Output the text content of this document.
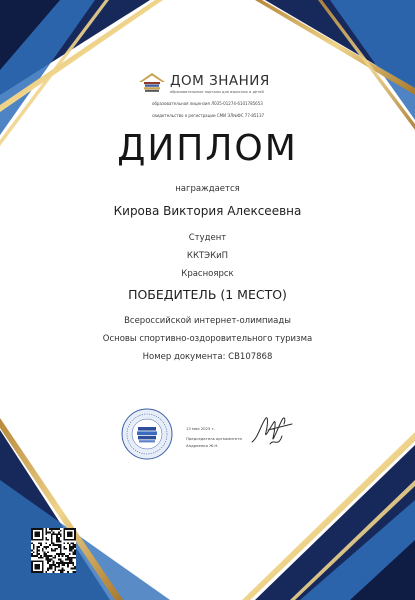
ДОМ ЗНАНИЯ
образовательные порталы для взрослых и детей
образовательная лицензия Л035-01274-6101785653
свидетельство о регистрации СМИ ЭЛ№ФС 77-85137
ДИПЛОМ
награждается
Кирова Виктория Алексеевна
Студент
ККТЭКиП
Красноярск
ПОБЕДИТЕЛЬ (1 МЕСТО)
Всероссийской интернет-олимпиады
Основы спортивно-оздоровительного туризма
Номер документа: CB107868
13 мая 2025 г.
Председатель оргкомитета
Андреенко Ж.Н.
